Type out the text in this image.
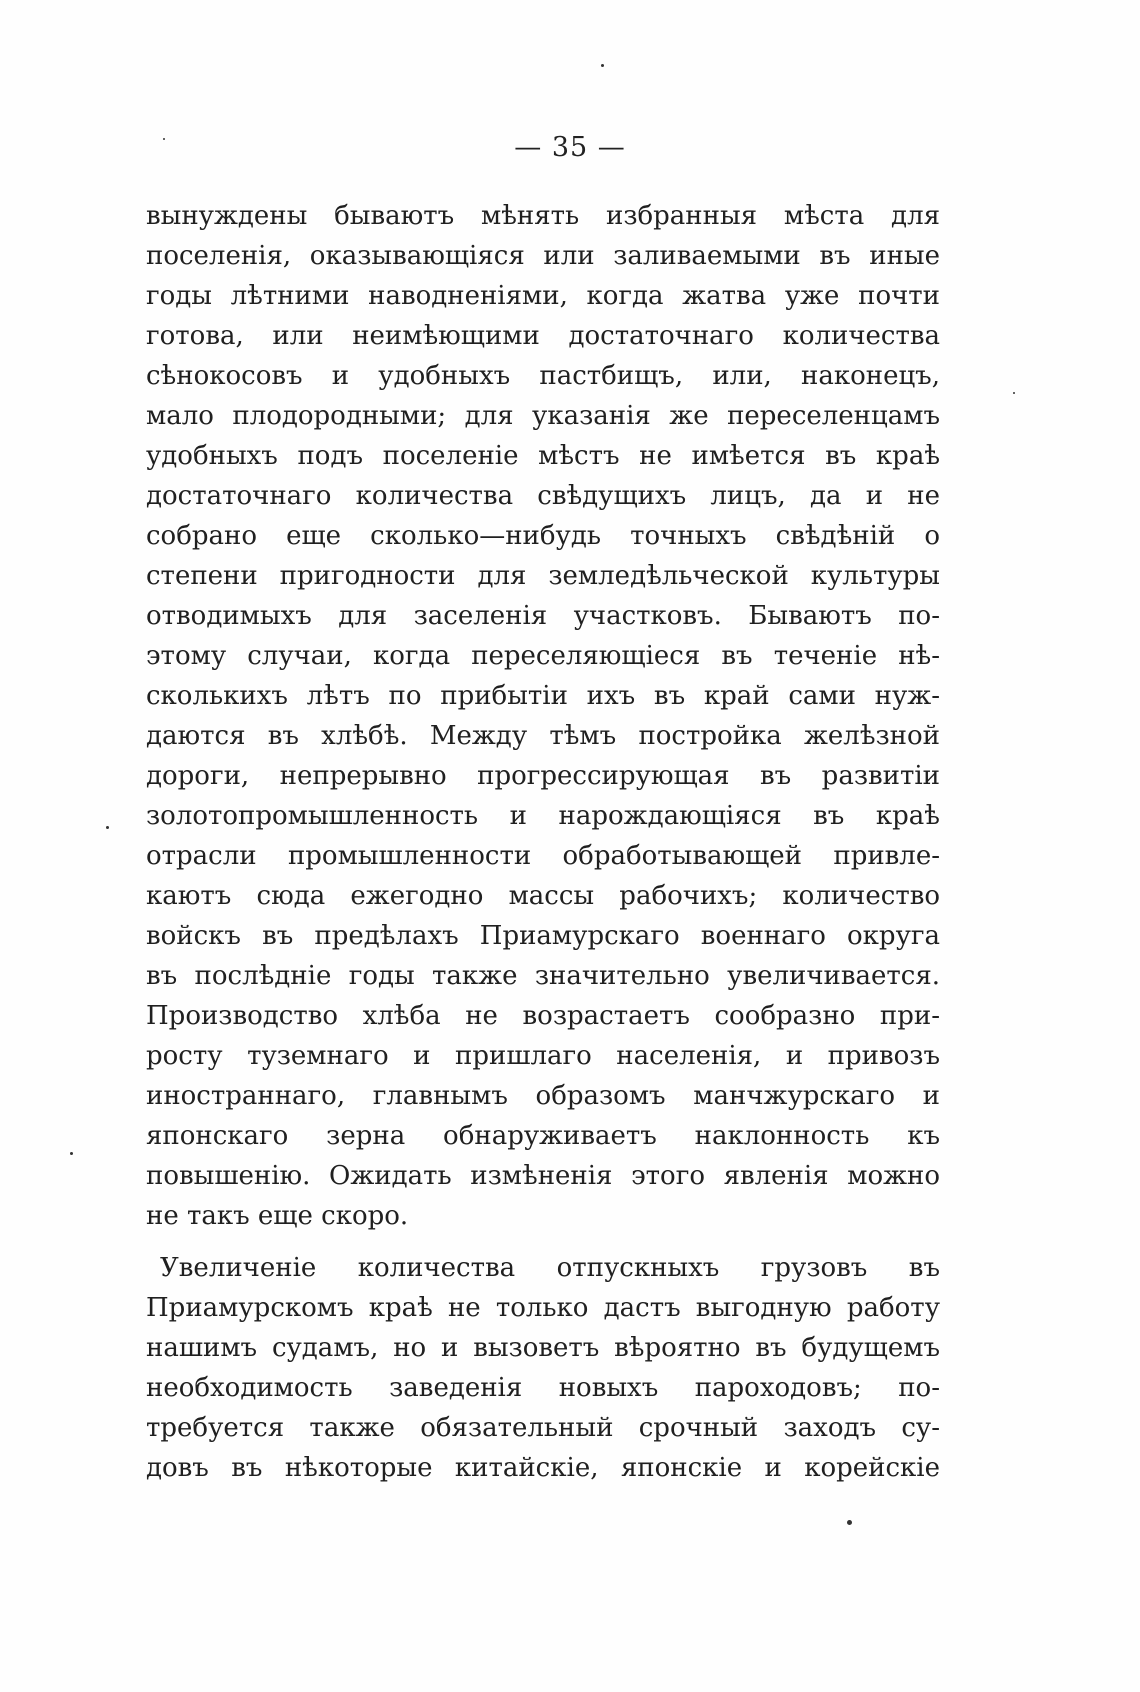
— 35 —
вынуждены бываютъ мѣнять избранныя мѣста для
поселенія, оказывающіяся или заливаемыми въ иные
годы лѣтними наводненіями, когда жатва уже почти
готова, или неимѣющими достаточнаго количества
сѣнокосовъ и удобныхъ пастбищъ, или, наконецъ,
мало плодородными; для указанія же переселенцамъ
удобныхъ подъ поселеніе мѣстъ не имѣется въ краѣ
достаточнаго количества свѣдущихъ лицъ, да и не
собрано еще сколько—нибудь точныхъ свѣдѣній о
степени пригодности для земледѣльческой культуры
отводимыхъ для заселенія участковъ. Бываютъ по-
этому случаи, когда переселяющіеся въ теченіе нѣ-
сколькихъ лѣтъ по прибытіи ихъ въ край сами нуж-
даются въ хлѣбѣ. Между тѣмъ постройка желѣзной
дороги, непрерывно прогрессирующая въ развитіи
золотопромышленность и нарождающіяся въ краѣ
отрасли промышленности обработывающей привле-
каютъ сюда ежегодно массы рабочихъ; количество
войскъ въ предѣлахъ Приамурскаго военнаго округа
въ послѣдніе годы также значительно увеличивается.
Производство хлѣба не возрастаетъ сообразно при-
росту туземнаго и пришлаго населенія, и привозъ
иностраннаго, главнымъ образомъ манчжурскаго и
японскаго зерна обнаруживаетъ наклонность къ
повышенію. Ожидать измѣненія этого явленія можно
не такъ еще скоро.
Увеличеніе количества отпускныхъ грузовъ въ
Приамурскомъ краѣ не только дастъ выгодную работу
нашимъ судамъ, но и вызоветъ вѣроятно въ будущемъ
необходимость заведенія новыхъ пароходовъ; по-
требуется также обязательный срочный заходъ су-
довъ въ нѣкоторые китайскіе, японскіе и корейскіе
